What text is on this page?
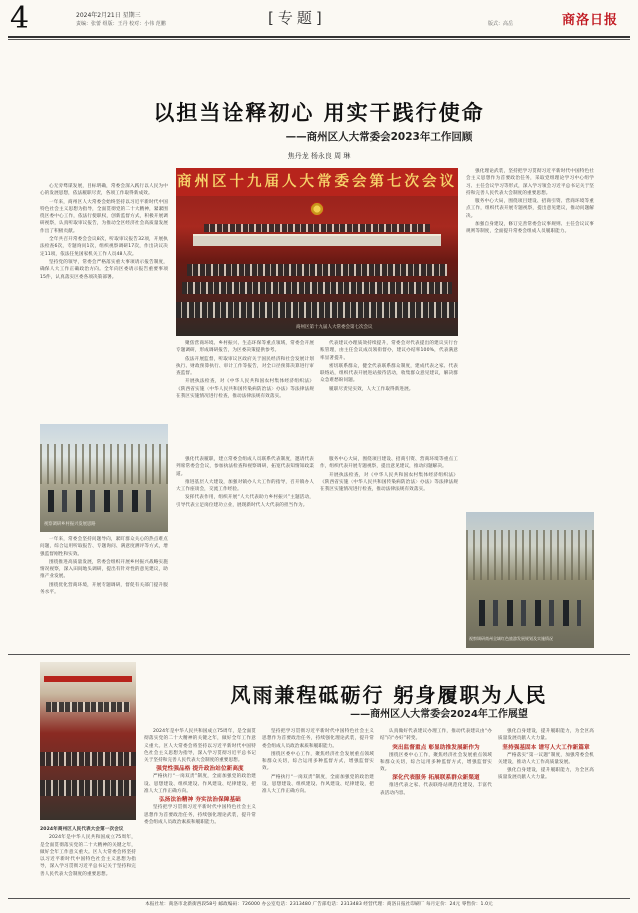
4	2024年2月21日 星期三
责编：张蕾 组版：王丹 校对：小伟 范鹏	[专题]	版式：高岳	商洛日报
以担当诠释初心 用实干践行使命
——商州区人大常委会2023年工作回顾
焦丹龙 杨永良 周 琳

心无旁骛谋发展，目标明确，常委会深入践行以人民为中心的发展思想，依法履职尽责，各项工作取得新成效。

一年来，商州区人大常委会始终坚持以习近平新时代中国特色社会主义思想为指导，全面贯彻党的二十大精神，紧紧围绕区委中心工作，依法行使职权，创新监督方式，积极开展调研视察，认真听取审议报告，为推动全区经济社会高质量发展作出了积极贡献。

全年共召开常委会会议8次，听取审议报告32项，开展执法检查6次，专题询问1次，组织视察调研17次，作出决议决定11项，依法任免国家机关工作人员48人次。

坚持党的领导，常委会严格落实重大事项请示报告制度，确保人大工作正确政治方向。全年向区委请示报告重要事项15件，认真落实区委各项决策部署。

商州区十九届人大常委会第七次会议
商州区第十九届人大常委会第七次会议

强化理论武装，坚持把学习贯彻习近平新时代中国特色社会主义思想作为首要政治任务，采取党组理论学习中心组学习、主任会议学习等形式，深入学习领会习近平总书记关于坚持和完善人民代表大会制度的重要思想。

服务中心大局，围绕项目建设、招商引资、营商环境等重点工作，组织代表开展专题视察，提出意见建议，推动问题解决。

加强自身建设，修订完善常委会议事规则、主任会议议事规则等制度，全面提升常委会组成人员履职能力。

聚焦营商环境、乡村振兴、生态环保等重点领域，常委会开展专题调研，形成调研报告，为区委决策提供参考。

依法开展监督，听取审议区政府关于国民经济和社会发展计划执行、财政预算执行、审计工作等报告，对全口径预算决算进行审查监督。

开展执法检查，对《中华人民共和国农村集体经济组织法》《陕西省实施〈中华人民共和国传染病防治法〉办法》等法律法规在我区实施情况进行检查，推动法律法规有效落实。

代表建议办理质效持续提升，常委会对代表提出的建议实行台账管理，由主任会议成员领衔督办，建议办结率100%，代表满意率显著提升。

密切联系群众，健全代表联系群众制度，建成代表之家、代表联络站，组织代表开展进站接待活动，收集群众意见建议，解决群众急难愁盼问题。

履职尽责见实效，人大工作取得新进展。

视察调研乡村振兴发展思路

一年来，常委会坚持问题导向，紧盯群众关心的热点难点问题，综合运用听取报告、专题询问、满意度测评等方式，增强监督刚性和实效。

围绕推进高质量发展，常委会组织开展乡村振兴战略实施情况视察，深入田间地头调研，提出有针对性的意见建议，助推产业发展。

围绕优化营商环境，开展专题调研，督促有关部门提升服务水平。

强化代表履职，建立常委会组成人员联系代表制度，邀请代表列席常委会会议，参加执法检查和视察调研，拓宽代表知情知政渠道。

推进基层人大建设，加强对镇办人大工作的指导，召开镇办人大工作座谈会，交流工作经验。

发挥代表作用，组织开展“人大代表助力乡村振兴”主题活动，引导代表立足岗位建功立业，展现新时代人大代表的担当作为。

服务中心大局，围绕项目建设、招商引资、营商环境等重点工作，组织代表开展专题视察，提出意见建议，推动问题解决。

开展执法检查，对《中华人民共和国农村集体经济组织法》《陕西省实施〈中华人民共和国传染病防治法〉办法》等法律法规在我区实施情况进行检查，推动法律法规有效落实。

视察调研商州全域红色旅游发展规划及实施情况
风雨兼程砥砺行 躬身履职为人民
——商州区人大常委会2024年工作展望

2024年商州区人民代表大会第一次会议

2024年是中华人民共和国成立75周年，是全面贯彻落实党的二十大精神的关键之年，做好全年工作意义重大。区人大常委会将坚持以习近平新时代中国特色社会主义思想为指导，深入学习贯彻习近平总书记关于坚持和完善人民代表大会制度的重要思想。

2024年是中华人民共和国成立75周年，是全面贯彻落实党的二十大精神的关键之年，做好全年工作意义重大。区人大常委会将坚持以习近平新时代中国特色社会主义思想为指导，深入学习贯彻习近平总书记关于坚持和完善人民代表大会制度的重要思想。

强党性强品格 提升政治站位新高度

严格执行“一岗双责”制度，全面加强党的政治建设、思想建设、组织建设、作风建设、纪律建设，把准人大工作正确方向。

弘扬法治精神 夯实法治保障基础

坚持把学习贯彻习近平新时代中国特色社会主义思想作为首要政治任务，持续强化理论武装，提升常委会组成人员政治素质和履职能力。

坚持把学习贯彻习近平新时代中国特色社会主义思想作为首要政治任务，持续强化理论武装，提升常委会组成人员政治素质和履职能力。

围绕区委中心工作，聚焦经济社会发展重点领域和群众关切，综合运用多种监督方式，增强监督实效。

严格执行“一岗双责”制度，全面加强党的政治建设、思想建设、组织建设、作风建设、纪律建设，把准人大工作正确方向。

认真做好代表建议办理工作，推动代表建议由“办结”向“办好”转变。

突出监督重点 彰显助推发展新作为

围绕区委中心工作，聚焦经济社会发展重点领域和群众关切，综合运用多种监督方式，增强监督实效。

深化代表服务 拓展联系群众新渠道

推进代表之家、代表联络站规范化建设，丰富代表活动内容。

强化自身建设，提升履职能力，为全区高质量发展贡献人大力量。

坚持强基固本 谱写人大工作新篇章

严格落实“第一议题”制度，加强常委会机关建设，推动人大工作高质量发展。

强化自身建设，提升履职能力，为全区高质量发展贡献人大力量。

本报社址：商洛市北新街西段58号 邮政编码：726000 办公室电话：2313480 广告部电话：2313483 经营代理：商洛日报社印刷厂 每月定价：24元 零售价：1.0元
